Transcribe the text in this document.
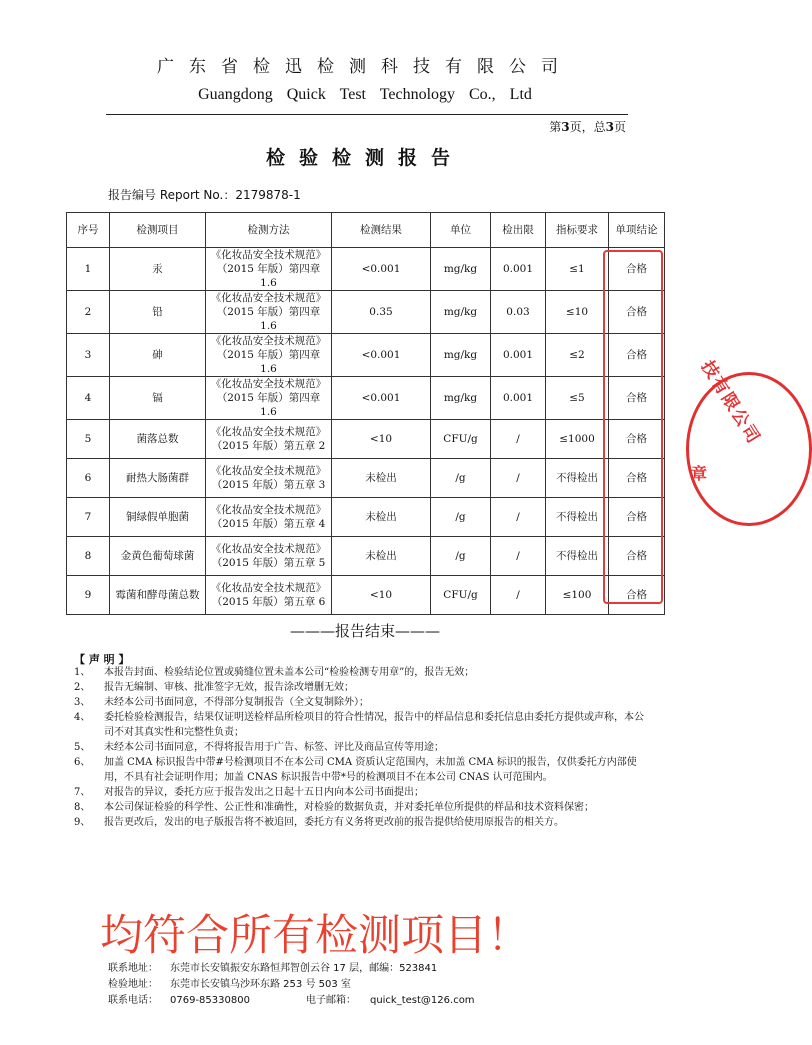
广东省检迅检测科技有限公司
Guangdong Quick Test Technology Co., Ltd
第3页，总3页
检验检测报告
报告编号 Report No.：2179878-1
序号	检测项目	检测方法	检测结果	单位	检出限	指标要求	单项结论
1	汞	《化妆品安全技术规范》
（2015 年版）第四章 1.6	<0.001	mg/kg	0.001	≤1	合格
2	铅	《化妆品安全技术规范》
（2015 年版）第四章 1.6	0.35	mg/kg	0.03	≤10	合格
3	砷	《化妆品安全技术规范》
（2015 年版）第四章 1.6	<0.001	mg/kg	0.001	≤2	合格
4	镉	《化妆品安全技术规范》
（2015 年版）第四章 1.6	<0.001	mg/kg	0.001	≤5	合格
5	菌落总数	《化妆品安全技术规范》
（2015 年版）第五章 2	<10	CFU/g	/	≤1000	合格
6	耐热大肠菌群	《化妆品安全技术规范》
（2015 年版）第五章 3	未检出	/g	/	不得检出	合格
7	铜绿假单胞菌	《化妆品安全技术规范》
（2015 年版）第五章 4	未检出	/g	/	不得检出	合格
8	金黄色葡萄球菌	《化妆品安全技术规范》
（2015 年版）第五章 5	未检出	/g	/	不得检出	合格
9	霉菌和酵母菌总数	《化妆品安全技术规范》
（2015 年版）第五章 6	<10	CFU/g	/	≤100	合格
技有限公司
章
———报告结束———
【 声 明 】
1、 本报告封面、检验结论位置或骑缝位置未盖本公司“检验检测专用章”的，报告无效；
2、 报告无编制、审核、批准签字无效，报告涂改增删无效；
3、 未经本公司书面同意，不得部分复制报告（全文复制除外）；
4、 委托检验检测报告，结果仅证明送检样品所检项目的符合性情况，报告中的样品信息和委托信息由委托方提供或声称，本公司不对其真实性和完整性负责；
5、 未经本公司书面同意，不得将报告用于广告、标签、评比及商品宣传等用途；
6、 加盖 CMA 标识报告中带#号检测项目不在本公司 CMA 资质认定范围内，未加盖 CMA 标识的报告，仅供委托方内部使用，不具有社会证明作用；加盖 CNAS 标识报告中带*号的检测项目不在本公司 CNAS 认可范围内。
7、 对报告的异议，委托方应于报告发出之日起十五日内向本公司书面提出；
8、 本公司保证检验的科学性、公正性和准确性，对检验的数据负责，并对委托单位所提供的样品和技术资料保密；
9、 报告更改后，发出的电子版报告将不被追回，委托方有义务将更改前的报告提供给使用原报告的相关方。
均符合所有检测项目！
联系地址： 东莞市长安镇振安东路恒邦智创云谷 17 层，邮编：523841
检验地址： 东莞市长安镇乌沙环东路 253 号 503 室
联系电话： 0769-85330800	电子邮箱： quick_test@126.com
